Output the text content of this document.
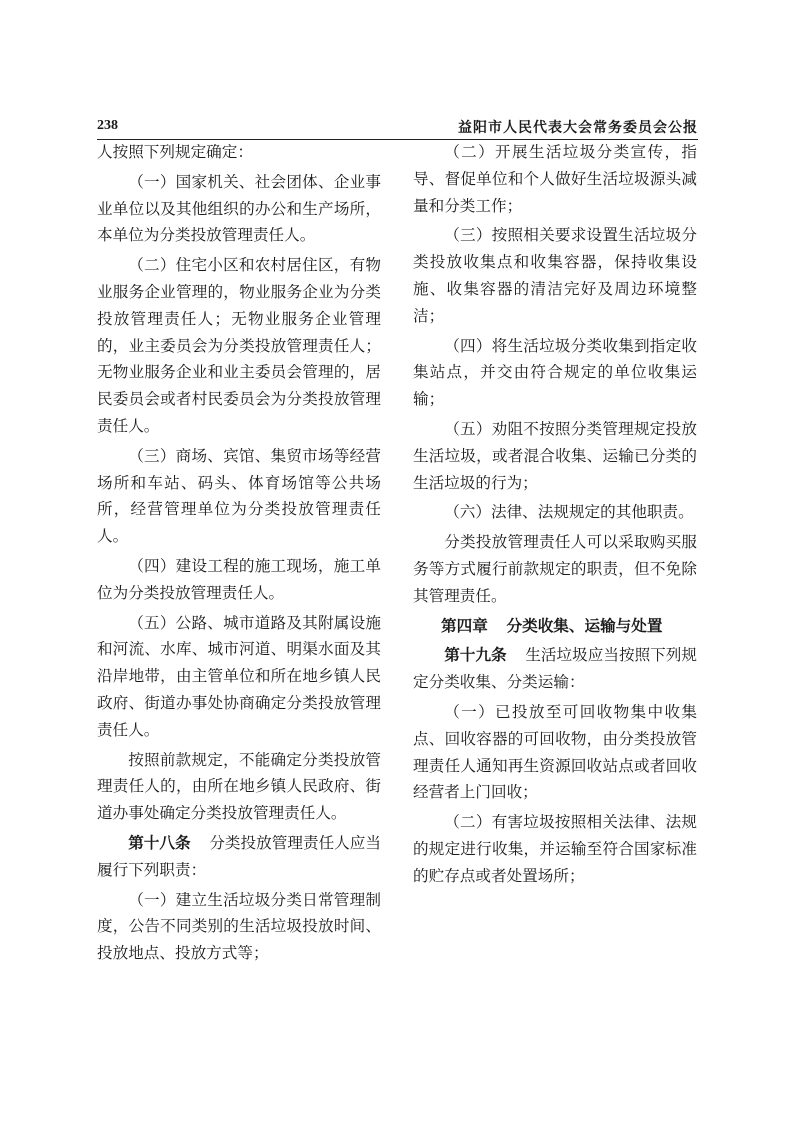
238	益阳市人民代表大会常务委员会公报

人按照下列规定确定：

（一）国家机关、社会团体、企业事业单位以及其他组织的办公和生产场所，本单位为分类投放管理责任人。

（二）住宅小区和农村居住区，有物业服务企业管理的，物业服务企业为分类投放管理责任人；无物业服务企业管理的，业主委员会为分类投放管理责任人；无物业服务企业和业主委员会管理的，居民委员会或者村民委员会为分类投放管理责任人。

（三）商场、宾馆、集贸市场等经营场所和车站、码头、体育场馆等公共场所，经营管理单位为分类投放管理责任人。

（四）建设工程的施工现场，施工单位为分类投放管理责任人。

（五）公路、城市道路及其附属设施和河流、水库、城市河道、明渠水面及其沿岸地带，由主管单位和所在地乡镇人民政府、街道办事处协商确定分类投放管理责任人。

按照前款规定，不能确定分类投放管理责任人的，由所在地乡镇人民政府、街道办事处确定分类投放管理责任人。

第十八条 分类投放管理责任人应当履行下列职责：

（一）建立生活垃圾分类日常管理制度，公告不同类别的生活垃圾投放时间、投放地点、投放方式等；

（二）开展生活垃圾分类宣传，指导、督促单位和个人做好生活垃圾源头减量和分类工作；

（三）按照相关要求设置生活垃圾分类投放收集点和收集容器，保持收集设施、收集容器的清洁完好及周边环境整洁；

（四）将生活垃圾分类收集到指定收集站点，并交由符合规定的单位收集运输；

（五）劝阻不按照分类管理规定投放生活垃圾，或者混合收集、运输已分类的生活垃圾的行为；

（六）法律、法规规定的其他职责。

分类投放管理责任人可以采取购买服务等方式履行前款规定的职责，但不免除其管理责任。

第四章 分类收集、运输与处置

第十九条 生活垃圾应当按照下列规定分类收集、分类运输：

（一）已投放至可回收物集中收集点、回收容器的可回收物，由分类投放管理责任人通知再生资源回收站点或者回收经营者上门回收；

（二）有害垃圾按照相关法律、法规的规定进行收集，并运输至符合国家标准的贮存点或者处置场所；
